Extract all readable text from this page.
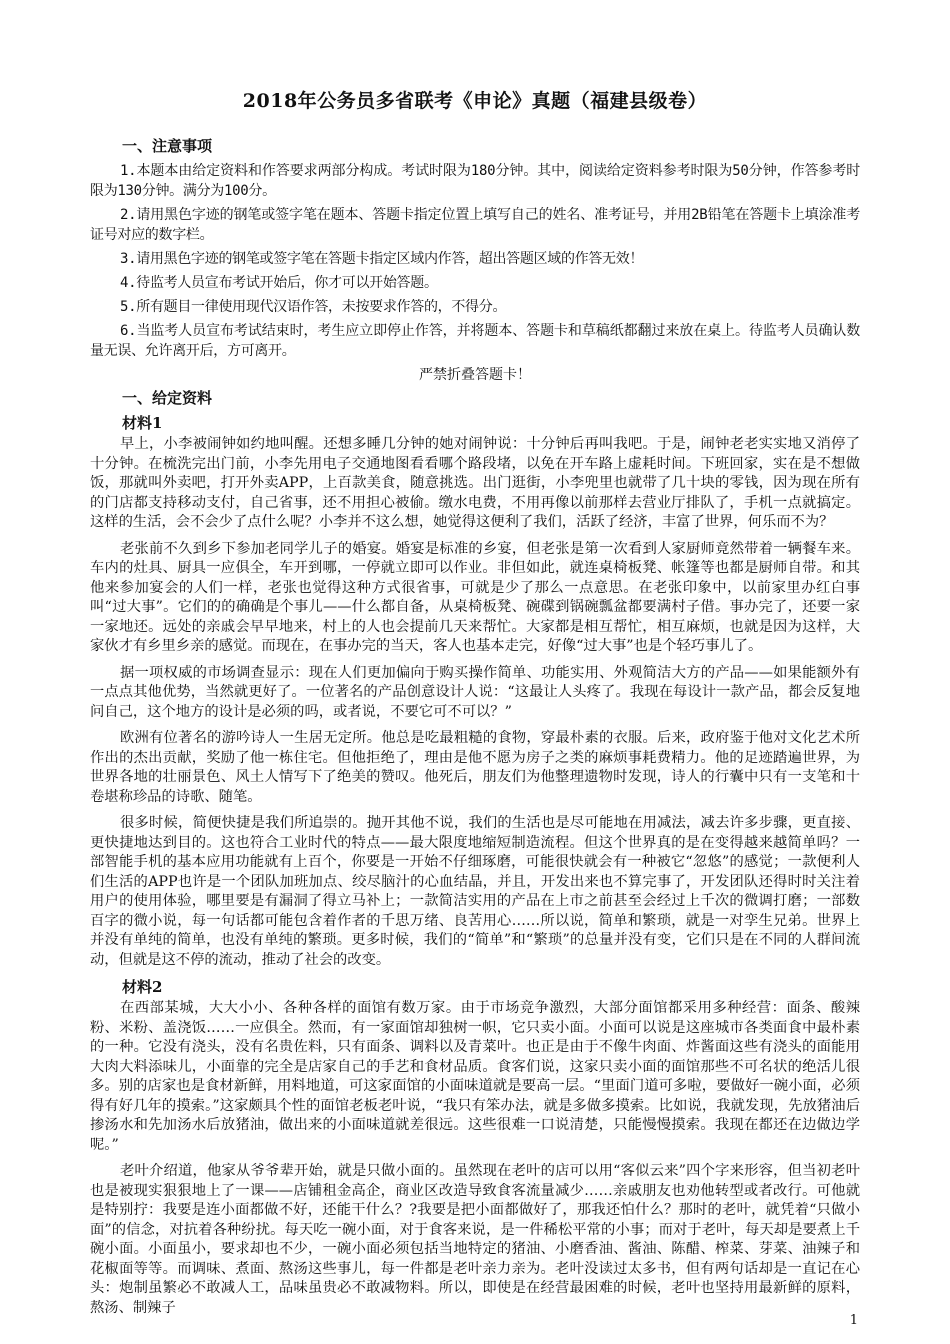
2018年公务员多省联考《申论》真题（福建县级卷）
一、注意事项

1.本题本由给定资料和作答要求两部分构成。考试时限为180分钟。其中，阅读给定资料参考时限为50分钟，作答参考时限为130分钟。满分为100分。

2.请用黑色字迹的钢笔或签字笔在题本、答题卡指定位置上填写自己的姓名、准考证号，并用2B铅笔在答题卡上填涂准考证号对应的数字栏。

3.请用黑色字迹的钢笔或签字笔在答题卡指定区域内作答，超出答题区域的作答无效！

4.待监考人员宣布考试开始后，你才可以开始答题。

5.所有题目一律使用现代汉语作答，未按要求作答的，不得分。

6.当监考人员宣布考试结束时，考生应立即停止作答，并将题本、答题卡和草稿纸都翻过来放在桌上。待监考人员确认数量无误、允许离开后，方可离开。

严禁折叠答题卡！
一、给定资料
材料1

早上，小李被闹钟如约地叫醒。还想多睡几分钟的她对闹钟说：十分钟后再叫我吧。于是，闹钟老老实实地又消停了十分钟。在梳洗完出门前，小李先用电子交通地图看看哪个路段堵，以免在开车路上虚耗时间。下班回家，实在是不想做饭，那就叫外卖吧，打开外卖APP，上百款美食，随意挑选。出门逛街，小李兜里也就带了几十块的零钱，因为现在所有的门店都支持移动支付，自己省事，还不用担心被偷。缴水电费，不用再像以前那样去营业厅排队了，手机一点就搞定。这样的生活，会不会少了点什么呢？小李并不这么想，她觉得这便利了我们，活跃了经济，丰富了世界，何乐而不为？

老张前不久到乡下参加老同学儿子的婚宴。婚宴是标准的乡宴，但老张是第一次看到人家厨师竟然带着一辆餐车来。车内的灶具、厨具一应俱全，车开到哪，一停就立即可以作业。非但如此，就连桌椅板凳、帐篷等也都是厨师自带。和其他来参加宴会的人们一样，老张也觉得这种方式很省事，可就是少了那么一点意思。在老张印象中，以前家里办红白事叫“过大事”。它们的的确确是个事儿——什么都自备，从桌椅板凳、碗碟到锅碗瓢盆都要满村子借。事办完了，还要一家一家地还。远处的亲戚会早早地来，村上的人也会提前几天来帮忙。大家都是相互帮忙，相互麻烦，也就是因为这样，大家伙才有乡里乡亲的感觉。而现在，在事办完的当天，客人也基本走完，好像“过大事”也是个轻巧事儿了。

据一项权威的市场调查显示：现在人们更加偏向于购买操作简单、功能实用、外观简洁大方的产品——如果能额外有一点点其他优势，当然就更好了。一位著名的产品创意设计人说：“这最让人头疼了。我现在每设计一款产品，都会反复地问自己，这个地方的设计是必须的吗，或者说，不要它可不可以？”

欧洲有位著名的游吟诗人一生居无定所。他总是吃最粗糙的食物，穿最朴素的衣服。后来，政府鉴于他对文化艺术所作出的杰出贡献，奖励了他一栋住宅。但他拒绝了，理由是他不愿为房子之类的麻烦事耗费精力。他的足迹踏遍世界，为世界各地的壮丽景色、风土人情写下了绝美的赞叹。他死后，朋友们为他整理遗物时发现，诗人的行囊中只有一支笔和十卷堪称珍品的诗歌、随笔。

很多时候，简便快捷是我们所追崇的。抛开其他不说，我们的生活也是尽可能地在用减法，减去许多步骤，更直接、更快捷地达到目的。这也符合工业时代的特点——最大限度地缩短制造流程。但这个世界真的是在变得越来越简单吗？一部智能手机的基本应用功能就有上百个，你要是一开始不仔细琢磨，可能很快就会有一种被它“忽悠”的感觉；一款便利人们生活的APP也许是一个团队加班加点、绞尽脑汁的心血结晶，并且，开发出来也不算完事了，开发团队还得时时关注着用户的使用体验，哪里要是有漏洞了得立马补上；一款简洁实用的产品在上市之前甚至会经过上千次的微调打磨；一部数百字的微小说，每一句话都可能包含着作者的千思万绪、良苦用心……所以说，简单和繁琐，就是一对孪生兄弟。世界上并没有单纯的简单，也没有单纯的繁琐。更多时候，我们的“简单”和“繁琐”的总量并没有变，它们只是在不同的人群间流动，但就是这不停的流动，推动了社会的改变。

材料2

在西部某城，大大小小、各种各样的面馆有数万家。由于市场竞争激烈，大部分面馆都采用多种经营：面条、酸辣粉、米粉、盖浇饭……一应俱全。然而，有一家面馆却独树一帜，它只卖小面。小面可以说是这座城市各类面食中最朴素的一种。它没有浇头，没有名贵佐料，只有面条、调料以及青菜叶。也正是由于不像牛肉面、炸酱面这些有浇头的面能用大肉大料添味儿，小面靠的完全是店家自己的手艺和食材品质。食客们说，这家只卖小面的面馆那些不可名状的绝活儿很多。别的店家也是食材新鲜，用料地道，可这家面馆的小面味道就是要高一层。“里面门道可多啦，要做好一碗小面，必须得有好几年的摸索。”这家颇具个性的面馆老板老叶说，“我只有笨办法，就是多做多摸索。比如说，我就发现，先放猪油后掺汤水和先加汤水后放猪油，做出来的小面味道就差很远。这些很难一口说清楚，只能慢慢摸索。我现在都还在边做边学呢。”

老叶介绍道，他家从爷爷辈开始，就是只做小面的。虽然现在老叶的店可以用“客似云来”四个字来形容，但当初老叶也是被现实狠狠地上了一课——店铺租金高企，商业区改造导致食客流量减少……亲戚朋友也劝他转型或者改行。可他就是特别拧：我要是连小面都做不好，还能干什么？?我要是把小面都做好了，那我还怕什么？那时的老叶，就凭着“只做小面”的信念，对抗着各种纷扰。每天吃一碗小面，对于食客来说，是一件稀松平常的小事；而对于老叶，每天却是要煮上千碗小面。小面虽小，要求却也不少，一碗小面必须包括当地特定的猪油、小磨香油、酱油、陈醋、榨菜、芽菜、油辣子和花椒面等等。而调味、煮面、熬汤这些事儿，每一件都是老叶亲力亲为。老叶没读过太多书，但有两句话却是一直记在心头：炮制虽繁必不敢减人工，品味虽贵必不敢减物料。所以，即使是在经营最困难的时候，老叶也坚持用最新鲜的原料，熬汤、制辣子

1
